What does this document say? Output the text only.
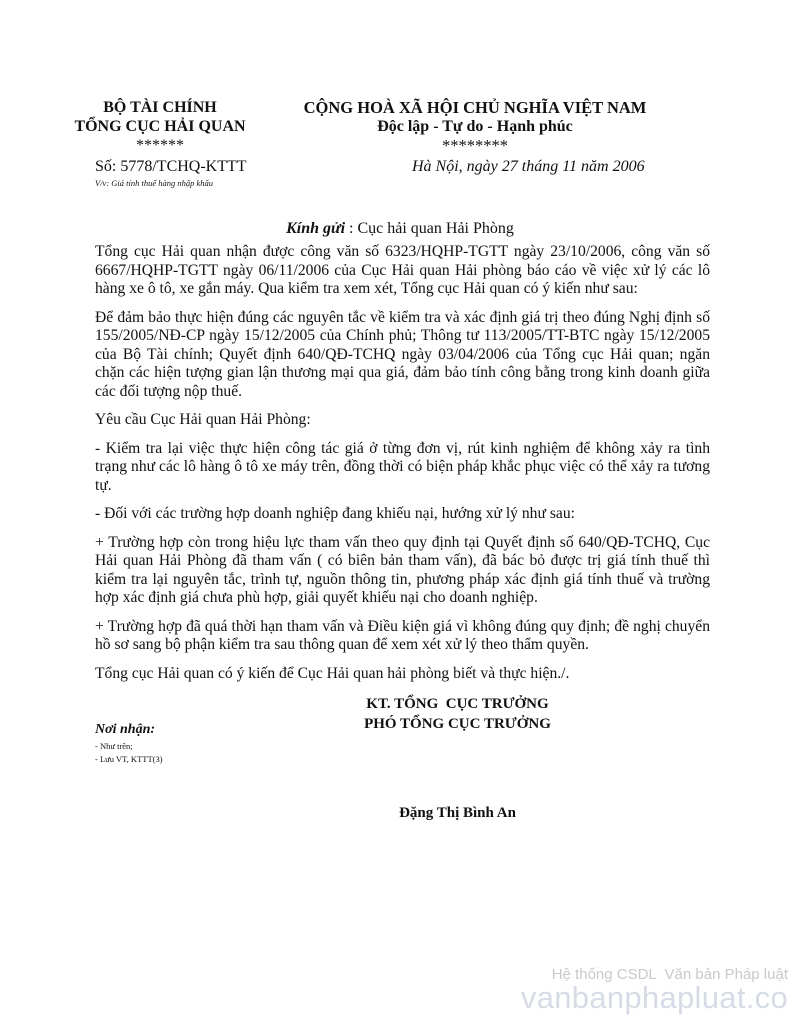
BỘ TÀI CHÍNH
TỔNG CỤC HẢI QUAN
******
CỘNG HOÀ XÃ HỘI CHỦ NGHĨA VIỆT NAM
Độc lập - Tự do - Hạnh phúc
********
Số: 5778/TCHQ-KTTT
V/v: Giá tính thuế hàng nhập khẩu
Hà Nội, ngày 27 tháng 11 năm 2006
Kính gửi : Cục hải quan Hải Phòng

Tổng cục Hải quan nhận được công văn số 6323/HQHP-TGTT ngày 23/10/2006, công văn số 6667/HQHP-TGTT ngày 06/11/2006 của Cục Hải quan Hải phòng báo cáo về việc xử lý các lô hàng xe ô tô, xe gắn máy. Qua kiểm tra xem xét, Tổng cục Hải quan có ý kiến như sau:

Để đảm bảo thực hiện đúng các nguyên tắc về kiểm tra và xác định giá trị theo đúng Nghị định số 155/2005/NĐ-CP ngày 15/12/2005 của Chính phủ; Thông tư 113/2005/TT-BTC ngày 15/12/2005 của Bộ Tài chính; Quyết định 640/QĐ-TCHQ ngày 03/04/2006 của Tổng cục Hải quan; ngăn chặn các hiện tượng gian lận thương mại qua giá, đảm bảo tính công bằng trong kinh doanh giữa các đối tượng nộp thuế.

Yêu cầu Cục Hải quan Hải Phòng:

- Kiểm tra lại việc thực hiện công tác giá ở từng đơn vị, rút kinh nghiệm để không xảy ra tình trạng như các lô hàng ô tô xe máy trên, đồng thời có biện pháp khắc phục việc có thể xảy ra tương tự.

- Đối với các trường hợp doanh nghiệp đang khiếu nại, hướng xử lý như sau:

+ Trường hợp còn trong hiệu lực tham vấn theo quy định tại Quyết định số 640/QĐ-TCHQ, Cục Hải quan Hải Phòng đã tham vấn ( có biên bản tham vấn), đã bác bỏ được trị giá tính thuế thì kiểm tra lại nguyên tắc, trình tự, nguồn thông tin, phương pháp xác định giá tính thuế và trường hợp xác định giá chưa phù hợp, giải quyết khiếu nại cho doanh nghiệp.

+ Trường hợp đã quá thời hạn tham vấn và Điều kiện giá vì không đúng quy định; đề nghị chuyển hồ sơ sang bộ phận kiểm tra sau thông quan để xem xét xử lý theo thẩm quyền.

Tổng cục Hải quan có ý kiến để Cục Hải quan hải phòng biết và thực hiện./.

KT. TỔNG  CỤC TRƯỞNG
PHÓ TỔNG CỤC TRƯỞNG
Đặng Thị Bình An
Nơi nhận:
- Như trên;
- Lưu VT, KTTT(3)
Hệ thống CSDL  Văn bản Pháp luật
vanbanphapluat.co
